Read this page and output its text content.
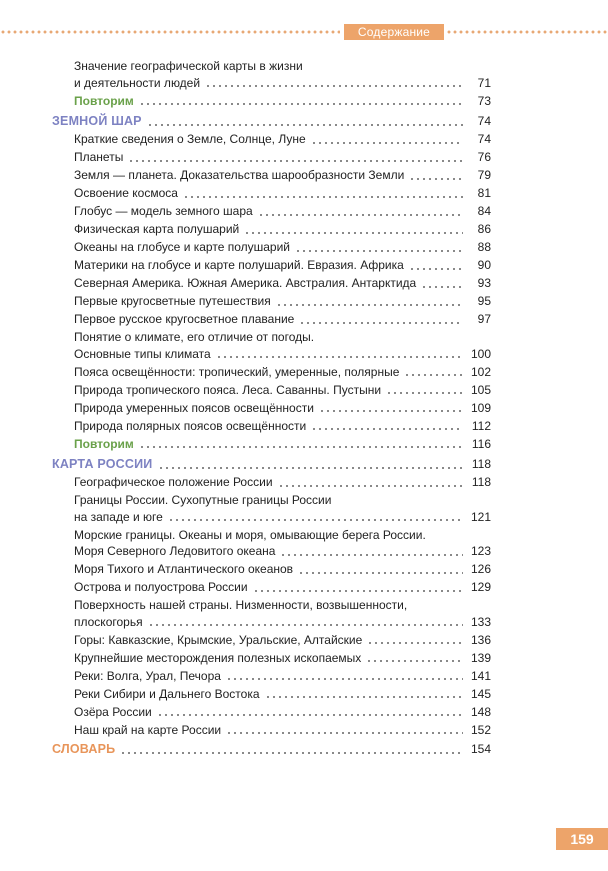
Содержание
Значение географической карты в жизни
и деятельности людей	71
Повторим	73
ЗЕМНОЙ ШАР	74
Краткие сведения о Земле, Солнце, Луне	74
Планеты	76
Земля — планета. Доказательства шарообразности Земли	79
Освоение космоса	81
Глобус — модель земного шара	84
Физическая карта полушарий	86
Океаны на глобусе и карте полушарий	88
Материки на глобусе и карте полушарий. Евразия. Африка	90
Северная Америка. Южная Америка. Австралия. Антарктида	93
Первые кругосветные путешествия	95
Первое русское кругосветное плавание	97
Понятие о климате, его отличие от погоды.
Основные типы климата	100
Пояса освещённости: тропический, умеренные, полярные	102
Природа тропического пояса. Леса. Саванны. Пустыни	105
Природа умеренных поясов освещённости	109
Природа полярных поясов освещённости	112
Повторим	116
КАРТА РОССИИ	118
Географическое положение России	118
Границы России. Сухопутные границы России
на западе и юге	121
Морские границы. Океаны и моря, омывающие берега России.
Моря Северного Ледовитого океана	123
Моря Тихого и Атлантического океанов	126
Острова и полуострова России	129
Поверхность нашей страны. Низменности, возвышенности,
плоскогорья	133
Горы: Кавказские, Крымские, Уральские, Алтайские	136
Крупнейшие месторождения полезных ископаемых	139
Реки: Волга, Урал, Печора	141
Реки Сибири и Дальнего Востока	145
Озёра России	148
Наш край на карте России	152
СЛОВАРЬ	154
159
